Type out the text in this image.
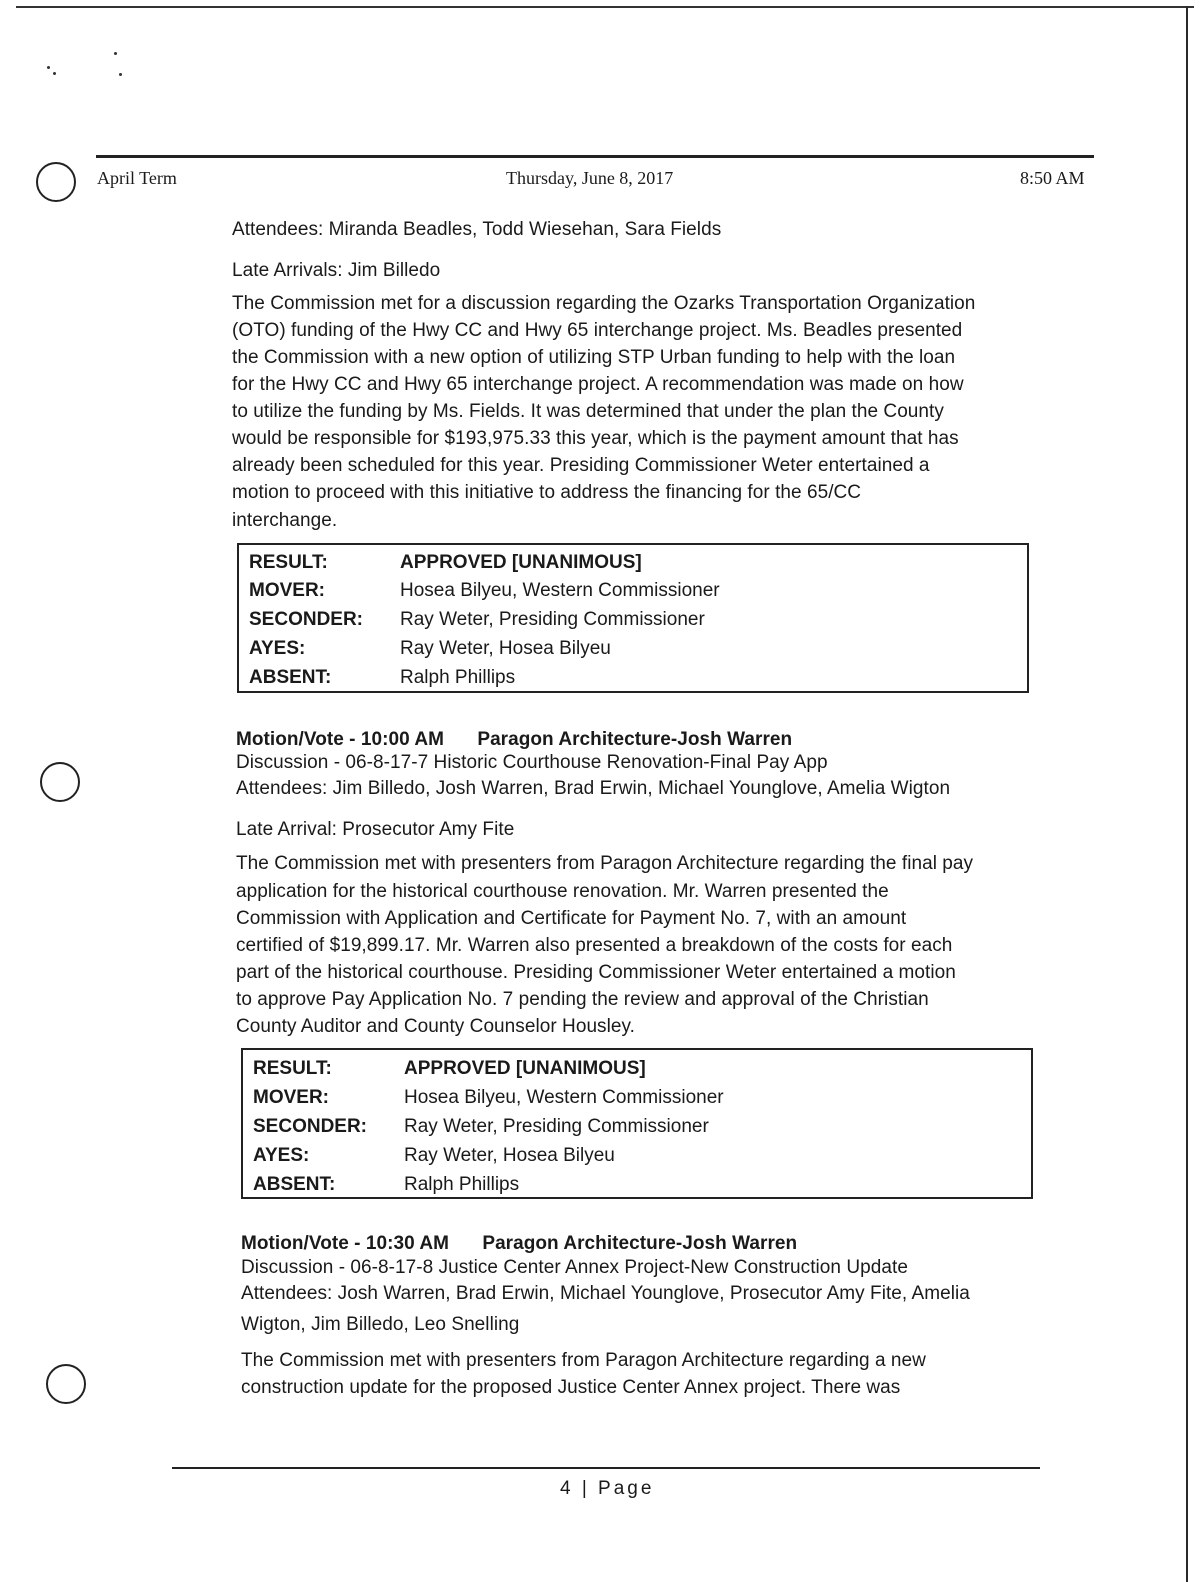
April Term	Thursday, June 8, 2017	8:50 AM
Attendees: Miranda Beadles, Todd Wiesehan, Sara Fields
Late Arrivals: Jim Billedo
The Commission met for a discussion regarding the Ozarks Transportation Organization
(OTO) funding of the Hwy CC and Hwy 65 interchange project. Ms. Beadles presented
the Commission with a new option of utilizing STP Urban funding to help with the loan
for the Hwy CC and Hwy 65 interchange project. A recommendation was made on how
to utilize the funding by Ms. Fields. It was determined that under the plan the County
would be responsible for $193,975.33 this year, which is the payment amount that has
already been scheduled for this year. Presiding Commissioner Weter entertained a
motion to proceed with this initiative to address the financing for the 65/CC
interchange.
RESULT:	APPROVED [UNANIMOUS]
MOVER:	Hosea Bilyeu, Western Commissioner
SECONDER: Ray Weter, Presiding Commissioner
AYES:	Ray Weter, Hosea Bilyeu
ABSENT:	Ralph Phillips
Motion/Vote - 10:00 AM Paragon Architecture-Josh Warren
Discussion - 06-8-17-7 Historic Courthouse Renovation-Final Pay App
Attendees: Jim Billedo, Josh Warren, Brad Erwin, Michael Younglove, Amelia Wigton
Late Arrival: Prosecutor Amy Fite
The Commission met with presenters from Paragon Architecture regarding the final pay
application for the historical courthouse renovation. Mr. Warren presented the
Commission with Application and Certificate for Payment No. 7, with an amount
certified of $19,899.17. Mr. Warren also presented a breakdown of the costs for each
part of the historical courthouse. Presiding Commissioner Weter entertained a motion
to approve Pay Application No. 7 pending the review and approval of the Christian
County Auditor and County Counselor Housley.
RESULT:	APPROVED [UNANIMOUS]
MOVER:	Hosea Bilyeu, Western Commissioner
SECONDER: Ray Weter, Presiding Commissioner
AYES:	Ray Weter, Hosea Bilyeu
ABSENT:	Ralph Phillips
Motion/Vote - 10:30 AM Paragon Architecture-Josh Warren
Discussion - 06-8-17-8 Justice Center Annex Project-New Construction Update
Attendees: Josh Warren, Brad Erwin, Michael Younglove, Prosecutor Amy Fite, Amelia
Wigton, Jim Billedo, Leo Snelling
The Commission met with presenters from Paragon Architecture regarding a new
construction update for the proposed Justice Center Annex project. There was
4 | Page
